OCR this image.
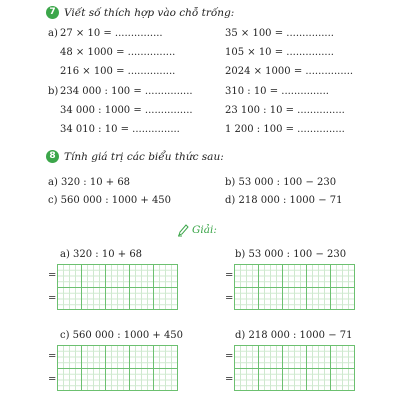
7 Viết số thích hợp vào chỗ trống:
a) 27 × 10 = ...............
48 × 1000 = ...............
216 × 100 = ...............
35 × 100 = ...............
105 × 10 = ...............
2024 × 1000 = ...............
b) 234 000 : 100 = ...............
34 000 : 1000 = ...............
34 010 : 10 = ...............
310 : 10 = ...............
23 100 : 10 = ...............
1 200 : 100 = ...............
8 Tính giá trị các biểu thức sau:
a) 320 : 10 + 68	b) 53 000 : 100 − 230
c) 560 000 : 1000 + 450	d) 218 000 : 1000 − 71
Giải:
a) 320 : 10 + 68
=
=
b) 53 000 : 100 − 230
=
=
c) 560 000 : 1000 + 450
=
=
d) 218 000 : 1000 − 71
=
=
